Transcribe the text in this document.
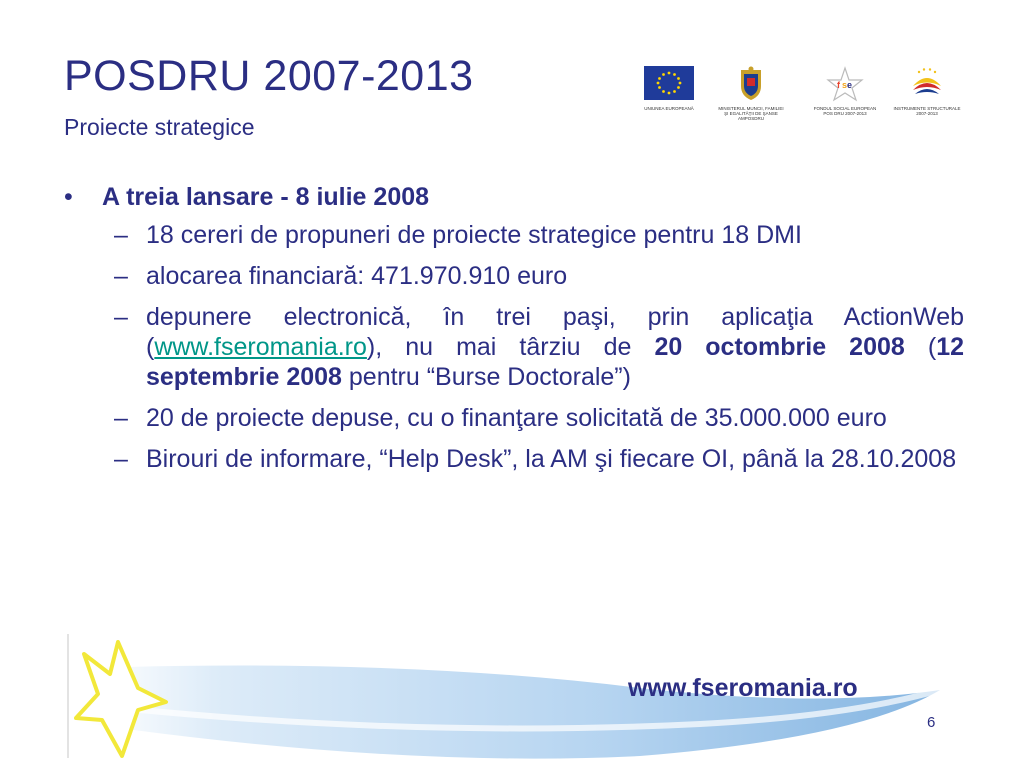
POSDRU 2007-2013
Proiecte strategice
UNIUNEA EUROPEANĂ	MINISTERUL MUNCII, FAMILIEI ŞI EGALITĂŢII DE ŞANSE AMPOSDRU
f s e
FONDUL SOCIAL EUROPEAN POS DRU 2007-2013
INSTRUMENTE STRUCTURALE 2007-2013
• A treia lansare - 8 iulie 2008
– 18 cereri de propuneri de proiecte strategice pentru 18 DMI
– alocarea financiară: 471.970.910 euro
– depunere electronică, în trei paşi, prin aplicaţia ActionWeb (www.fseromania.ro), nu mai târziu de 20 octombrie 2008 (12 septembrie 2008 pentru “Burse Doctorale”)
– 20 de proiecte depuse, cu o finanţare solicitată de 35.000.000 euro
– Birouri de informare, “Help Desk”, la AM şi fiecare OI, până la 28.10.2008
www.fseromania.ro
6
